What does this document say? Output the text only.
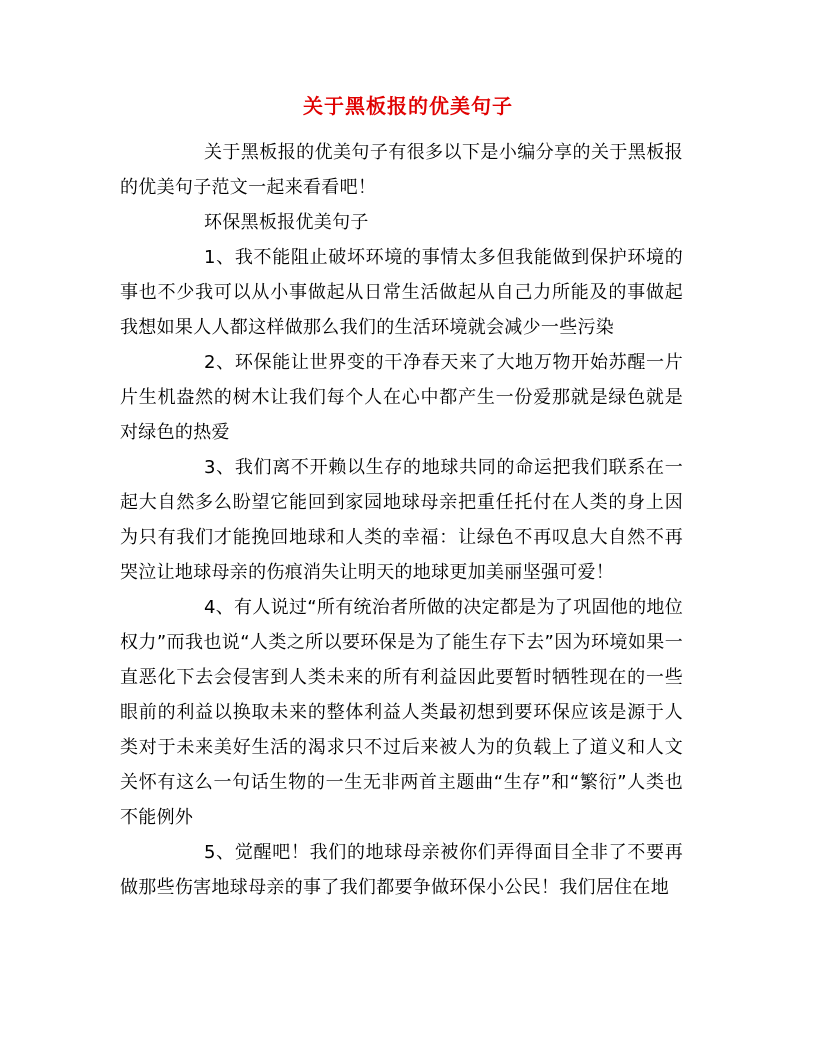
关于黑板报的优美句子

关于黑板报的优美句子有很多以下是小编分享的关于黑板报的优美句子范文一起来看看吧！

环保黑板报优美句子

1、我不能阻止破坏环境的事情太多但我能做到保护环境的事也不少我可以从小事做起从日常生活做起从自己力所能及的事做起我想如果人人都这样做那么我们的生活环境就会减少一些污染

2、环保能让世界变的干净春天来了大地万物开始苏醒一片片生机盎然的树木让我们每个人在心中都产生一份爱那就是绿色就是对绿色的热爱

3、我们离不开赖以生存的地球共同的命运把我们联系在一起大自然多么盼望它能回到家园地球母亲把重任托付在人类的身上因为只有我们才能挽回地球和人类的幸福：让绿色不再叹息大自然不再哭泣让地球母亲的伤痕消失让明天的地球更加美丽坚强可爱！

4、有人说过“所有统治者所做的决定都是为了巩固他的地位权力”而我也说“人类之所以要环保是为了能生存下去”因为环境如果一直恶化下去会侵害到人类未来的所有利益因此要暂时牺牲现在的一些眼前的利益以换取未来的整体利益人类最初想到要环保应该是源于人类对于未来美好生活的渴求只不过后来被人为的负载上了道义和人文关怀有这么一句话生物的一生无非两首主题曲“生存”和“繁衍”人类也不能例外

5、觉醒吧！我们的地球母亲被你们弄得面目全非了不要再做那些伤害地球母亲的事了我们都要争做环保小公民！我们居住在地
